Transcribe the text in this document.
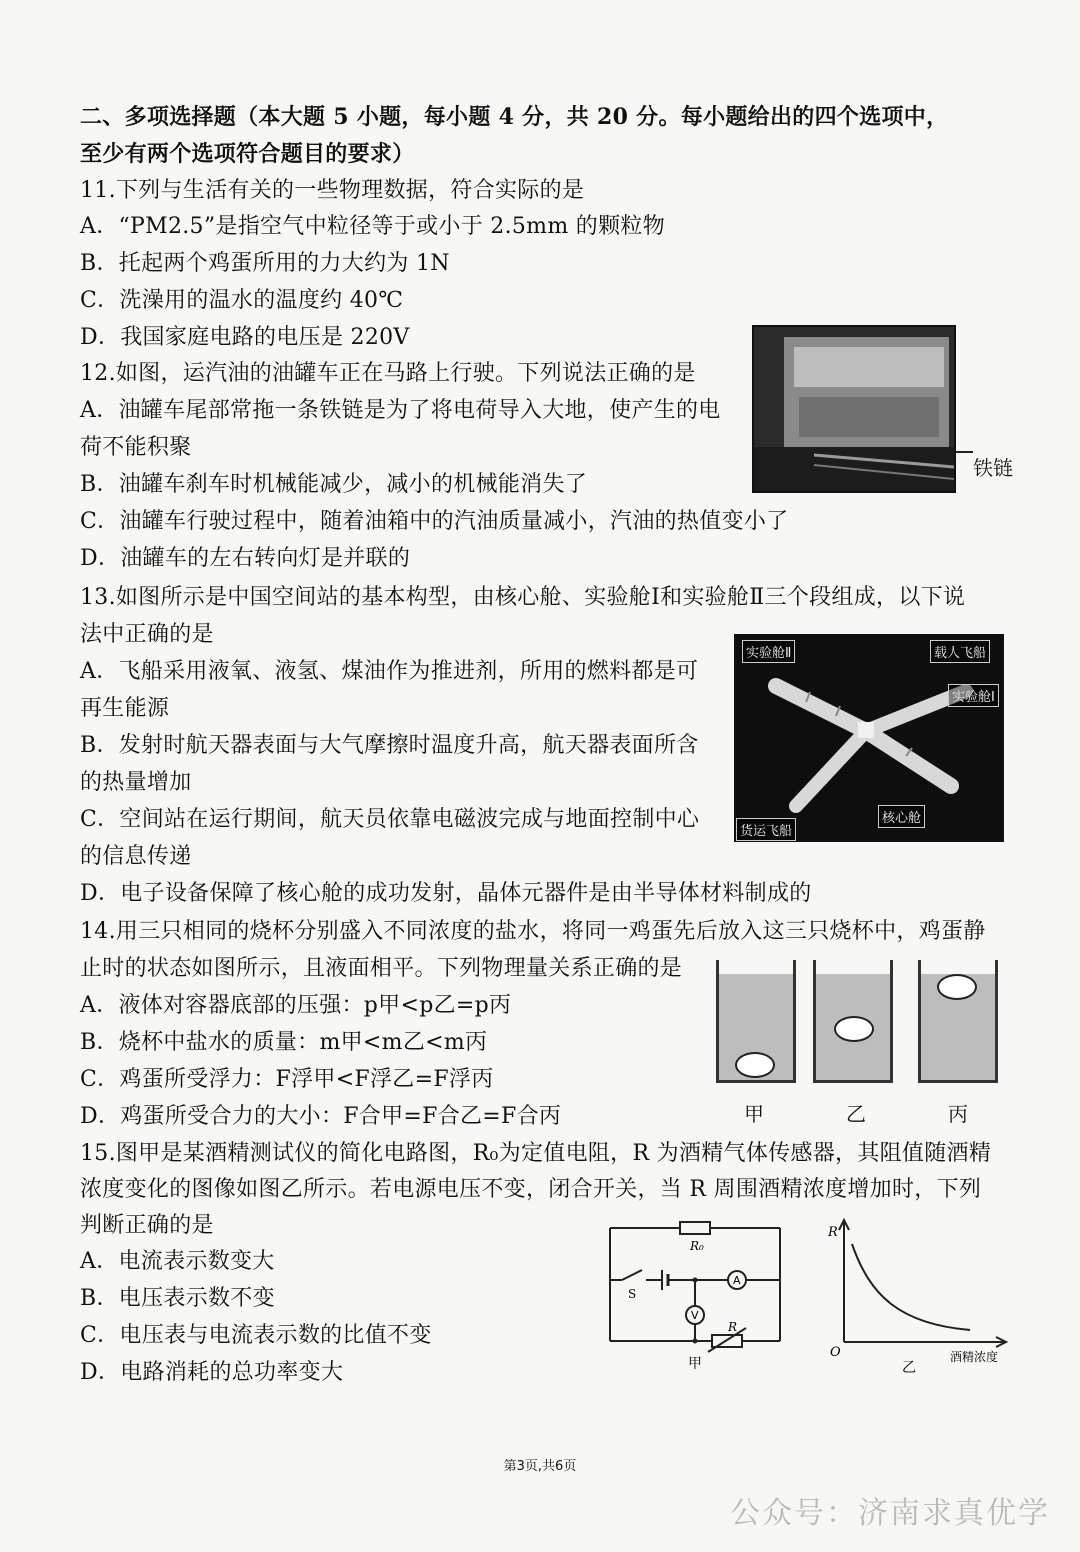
二、多项选择题（本大题 5 小题，每小题 4 分，共 20 分。每小题给出的四个选项中，
至少有两个选项符合题目的要求）
11.下列与生活有关的一些物理数据，符合实际的是
A．“PM2.5”是指空气中粒径等于或小于 2.5mm 的颗粒物
B．托起两个鸡蛋所用的力大约为 1N
C．洗澡用的温水的温度约 40℃
D．我国家庭电路的电压是 220V
12.如图，运汽油的油罐车正在马路上行驶。下列说法正确的是
A．油罐车尾部常拖一条铁链是为了将电荷导入大地，使产生的电
荷不能积聚
B．油罐车刹车时机械能减少，减小的机械能消失了
C．油罐车行驶过程中，随着油箱中的汽油质量减小，汽油的热值变小了
D．油罐车的左右转向灯是并联的
铁链
13.如图所示是中国空间站的基本构型，由核心舱、实验舱Ⅰ和实验舱Ⅱ三个段组成，以下说
法中正确的是
A．飞船采用液氧、液氢、煤油作为推进剂，所用的燃料都是可
再生能源
B．发射时航天器表面与大气摩擦时温度升高，航天器表面所含
的热量增加
C．空间站在运行期间，航天员依靠电磁波完成与地面控制中心
的信息传递
D．电子设备保障了核心舱的成功发射，晶体元器件是由半导体材料制成的
实验舱Ⅱ	载人飞船
实验舱Ⅰ
核心舱
货运飞船
14.用三只相同的烧杯分别盛入不同浓度的盐水，将同一鸡蛋先后放入这三只烧杯中，鸡蛋静
止时的状态如图所示，且液面相平。下列物理量关系正确的是
A．液体对容器底部的压强：p甲<p乙=p丙
B．烧杯中盐水的质量：m甲<m乙<m丙
C．鸡蛋所受浮力：F浮甲<F浮乙=F浮丙
D．鸡蛋所受合力的大小：F合甲=F合乙=F合丙	甲	乙	丙
15.图甲是某酒精测试仪的简化电路图，R₀为定值电阻，R 为酒精气体传感器，其阻值随酒精
浓度变化的图像如图乙所示。若电源电压不变，闭合开关，当 R 周围酒精浓度增加时，下列
判断正确的是
A．电流表示数变大
B．电压表示数不变
C．电压表与电流表示数的比值不变
D．电路消耗的总功率变大
R₀
S
A
V
R
甲
R
O	酒精浓度
乙
第3页,共6页
公众号：济南求真优学
